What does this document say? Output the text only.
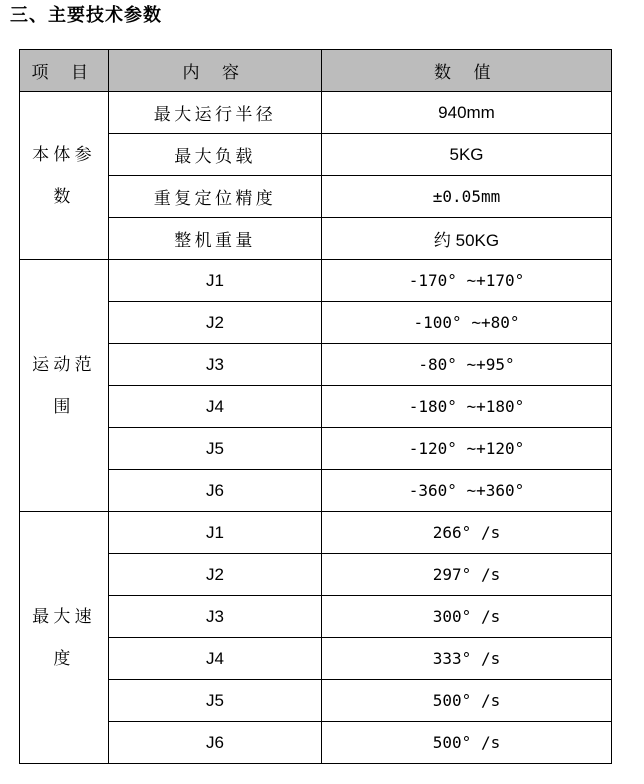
三、主要技术参数
项 目	内 容	数 值
本体参数	最大运行半径	940mm
	最大负载	5KG
	重复定位精度	±0.05mm
	整机重量	约 50KG
运动范围	J1	-170° ~+170°
	J2	-100° ~+80°
	J3	-80° ~+95°
	J4	-180° ~+180°
	J5	-120° ~+120°
	J6	-360° ~+360°
最大速度	J1	266° /s
	J2	297° /s
	J3	300° /s
	J4	333° /s
	J5	500° /s
	J6	500° /s
